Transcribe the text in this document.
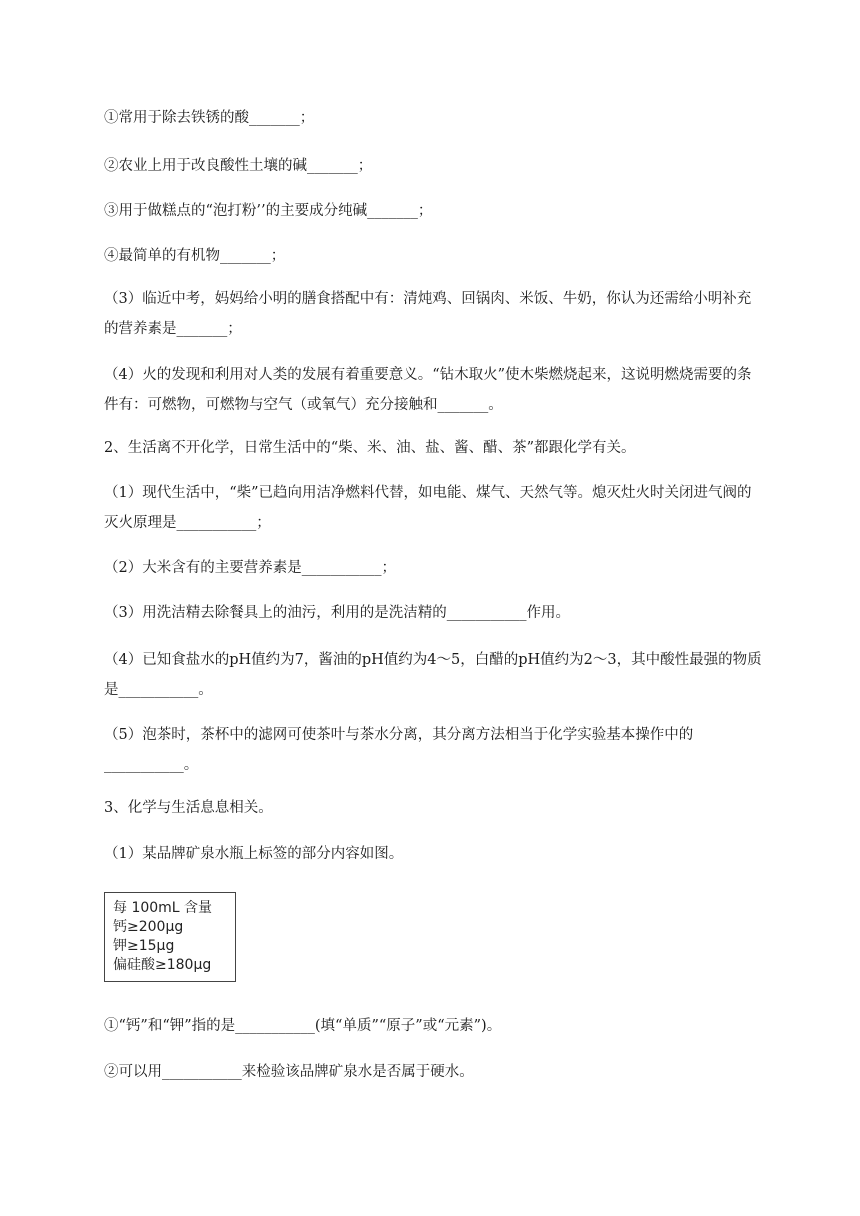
①常用于除去铁锈的酸_______；
②农业上用于改良酸性土壤的碱_______；
③用于做糕点的“泡打粉’’的主要成分纯碱_______；
④最简单的有机物_______；
（3）临近中考，妈妈给小明的膳食搭配中有：清炖鸡、回锅肉、米饭、牛奶，你认为还需给小明补充的营养素是_______；
（4）火的发现和利用对人类的发展有着重要意义。“钻木取火”使木柴燃烧起来，这说明燃烧需要的条件有：可燃物，可燃物与空气（或氧气）充分接触和_______。
2、生活离不开化学，日常生活中的“柴、米、油、盐、酱、醋、茶”都跟化学有关。
（1）现代生活中，“柴”已趋向用洁净燃料代替，如电能、煤气、天然气等。熄灭灶火时关闭进气阀的灭火原理是___________；
（2）大米含有的主要营养素是___________；
（3）用洗洁精去除餐具上的油污，利用的是洗洁精的___________作用。
（4）已知食盐水的pH值约为7，酱油的pH值约为4～5，白醋的pH值约为2～3，其中酸性最强的物质是___________。
（5）泡茶时，茶杯中的滤网可使茶叶与茶水分离，其分离方法相当于化学实验基本操作中的___________。
3、化学与生活息息相关。
（1）某品牌矿泉水瓶上标签的部分内容如图。
每 100mL 含量
钙≥200μg
钾≥15μg
偏硅酸≥180μg
①“钙”和“钾”指的是___________(填“单质”“原子”或“元素”)。
②可以用___________来检验该品牌矿泉水是否属于硬水。
